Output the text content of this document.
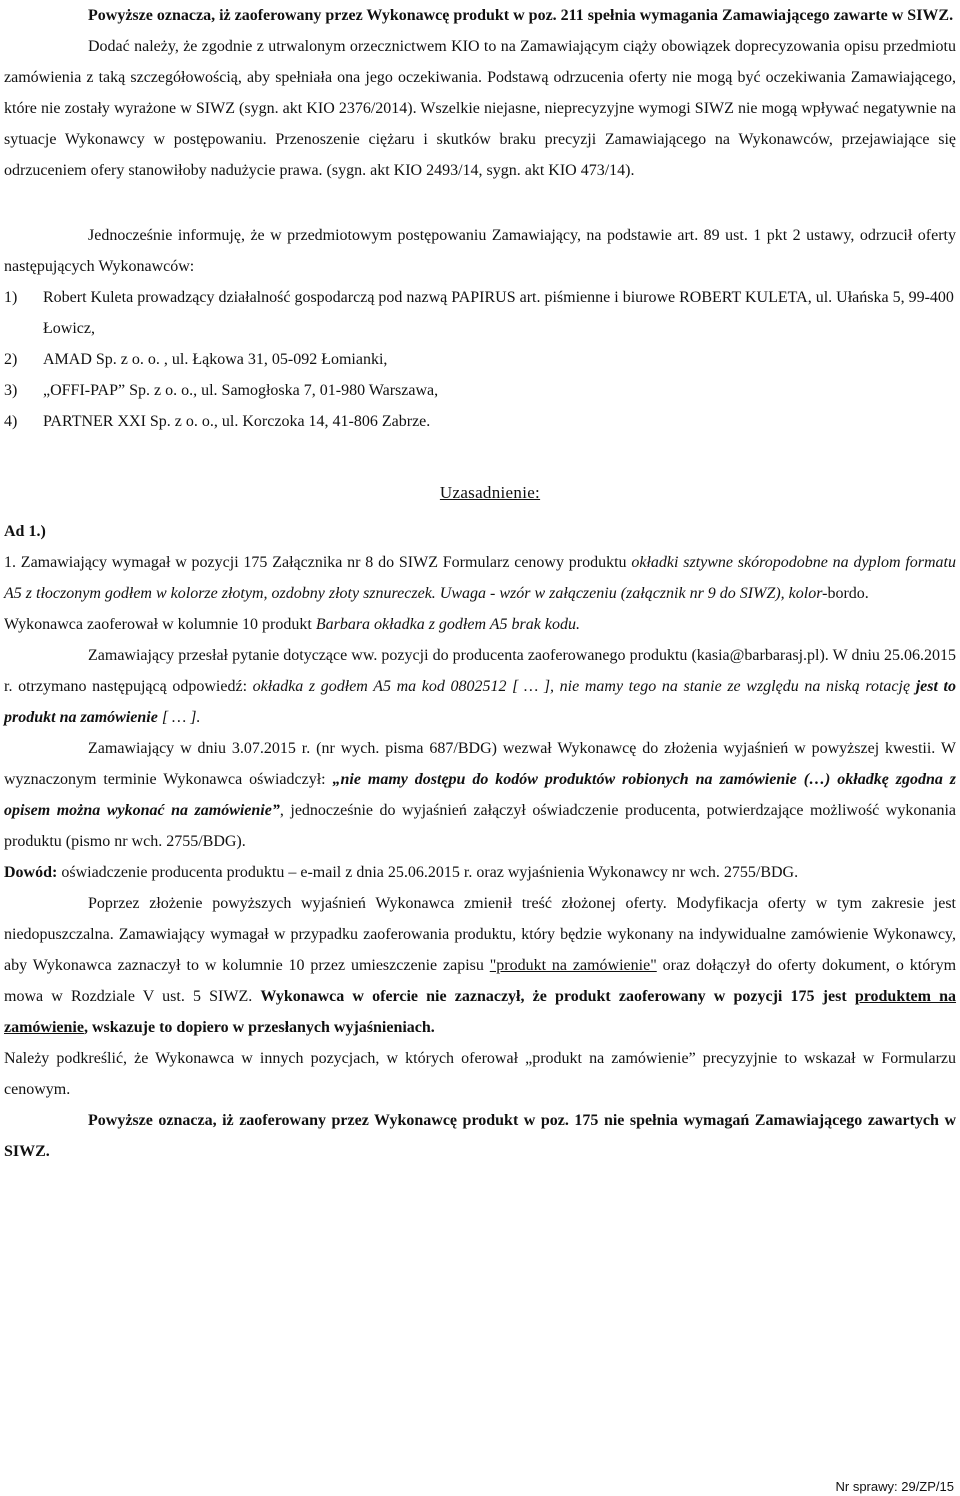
Powyższe oznacza, iż zaoferowany przez Wykonawcę produkt w poz. 211 spełnia wymagania Zamawiającego zawarte w SIWZ.

Dodać należy, że zgodnie z utrwalonym orzecznictwem KIO to na Zamawiającym ciąży obowiązek doprecyzowania opisu przedmiotu zamówienia z taką szczegółowością, aby spełniała ona jego oczekiwania. Podstawą odrzucenia oferty nie mogą być oczekiwania Zamawiającego, które nie zostały wyrażone w SIWZ (sygn. akt KIO 2376/2014). Wszelkie niejasne, nieprecyzyjne wymogi SIWZ nie mogą wpływać negatywnie na sytuacje Wykonawcy w postępowaniu. Przenoszenie ciężaru i skutków braku precyzji Zamawiającego na Wykonawców, przejawiające się odrzuceniem ofery stanowiłoby nadużycie prawa. (sygn. akt KIO 2493/14, sygn. akt KIO 473/14).

Jednocześnie informuję, że w przedmiotowym postępowaniu Zamawiający, na podstawie art. 89 ust. 1 pkt 2 ustawy, odrzucił oferty następujących Wykonawców:

1) Robert Kuleta prowadzący działalność gospodarczą pod nazwą PAPIRUS art. piśmienne i biurowe ROBERT KULETA, ul. Ułańska 5, 99-400 Łowicz,
2) AMAD Sp. z o. o. , ul. Łąkowa 31, 05-092 Łomianki,
3) „OFFI-PAP” Sp. z o. o., ul. Samogłoska 7, 01-980 Warszawa,
4) PARTNER XXI Sp. z o. o., ul. Korczoka 14, 41-806 Zabrze.
Uzasadnienie:
Ad 1.)

1. Zamawiający wymagał w pozycji 175 Załącznika nr 8 do SIWZ Formularz cenowy produktu okładki sztywne skóropodobne na dyplom formatu A5 z tłoczonym godłem w kolorze złotym, ozdobny złoty sznureczek. Uwaga - wzór w załączeniu (załącznik nr 9 do SIWZ), kolor-bordo.

Wykonawca zaoferował w kolumnie 10 produkt Barbara okładka z godłem A5 brak kodu.

Zamawiający przesłał pytanie dotyczące ww. pozycji do producenta zaoferowanego produktu (kasia@barbarasj.pl). W dniu 25.06.2015 r. otrzymano następującą odpowiedź: okładka z godłem A5 ma kod 0802512 [ … ], nie mamy tego na stanie ze względu na niską rotację jest to produkt na zamówienie [ … ].

Zamawiający w dniu 3.07.2015 r. (nr wych. pisma 687/BDG) wezwał Wykonawcę do złożenia wyjaśnień w powyższej kwestii. W wyznaczonym terminie Wykonawca oświadczył: „nie mamy dostępu do kodów produktów robionych na zamówienie (…) okładkę zgodna z opisem można wykonać na zamówienie”, jednocześnie do wyjaśnień załączył oświadczenie producenta, potwierdzające możliwość wykonania produktu (pismo nr wch. 2755/BDG).

Dowód: oświadczenie producenta produktu – e-mail z dnia 25.06.2015 r. oraz wyjaśnienia Wykonawcy nr wch. 2755/BDG.

Poprzez złożenie powyższych wyjaśnień Wykonawca zmienił treść złożonej oferty. Modyfikacja oferty w tym zakresie jest niedopuszczalna. Zamawiający wymagał w przypadku zaoferowania produktu, który będzie wykonany na indywidualne zamówienie Wykonawcy, aby Wykonawca zaznaczył to w kolumnie 10 przez umieszczenie zapisu "produkt na zamówienie" oraz dołączył do oferty dokument, o którym mowa w Rozdziale V ust. 5 SIWZ. Wykonawca w ofercie nie zaznaczył, że produkt zaoferowany w pozycji 175 jest produktem na zamówienie, wskazuje to dopiero w przesłanych wyjaśnieniach.

Należy podkreślić, że Wykonawca w innych pozycjach, w których oferował „produkt na zamówienie” precyzyjnie to wskazał w Formularzu cenowym.

Powyższe oznacza, iż zaoferowany przez Wykonawcę produkt w poz. 175 nie spełnia wymagań Zamawiającego zawartych w SIWZ.

Nr sprawy: 29/ZP/15
